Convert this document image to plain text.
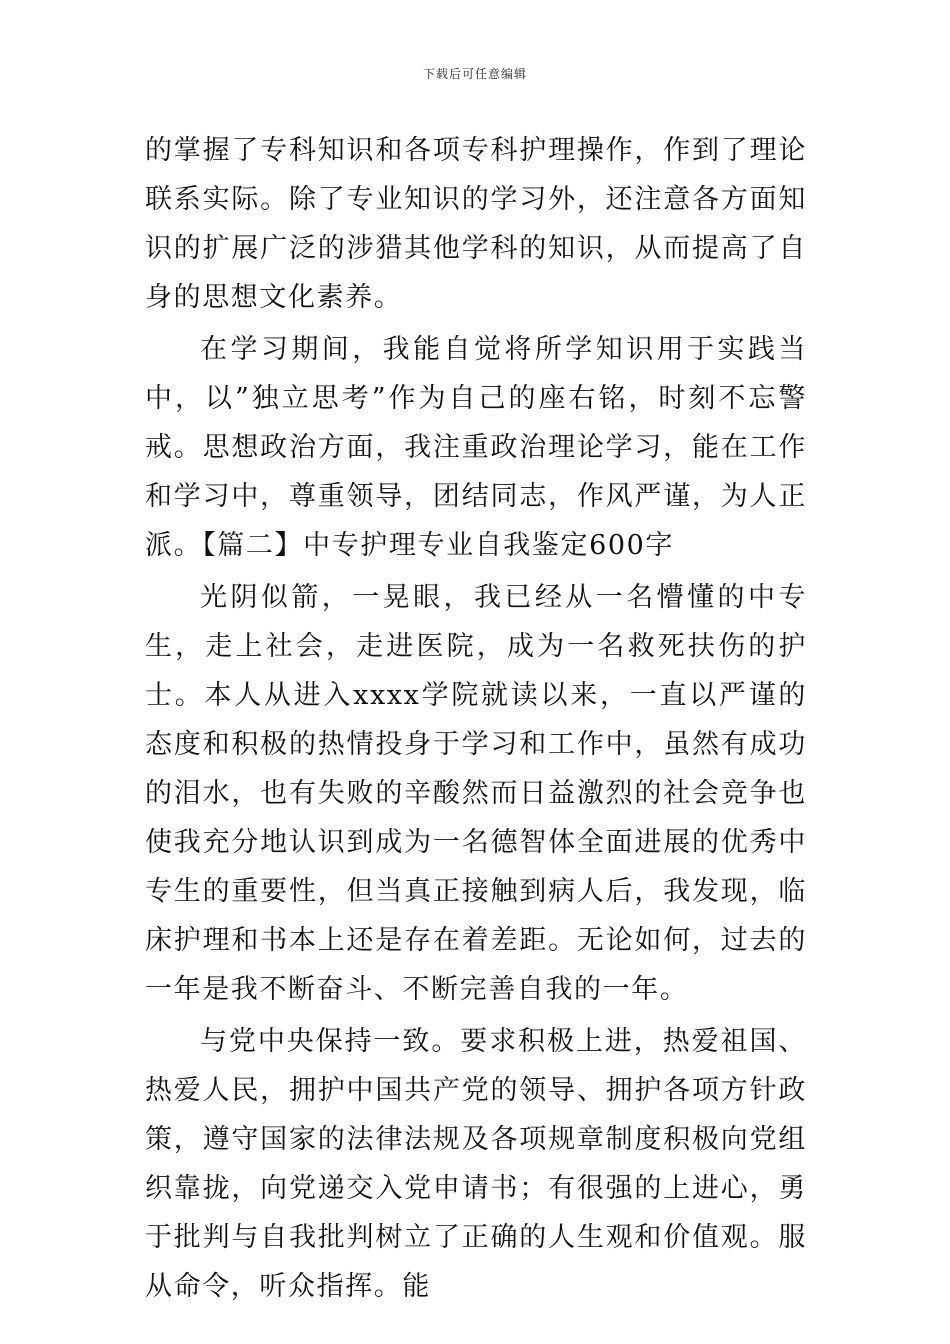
下载后可任意编辑

的掌握了专科知识和各项专科护理操作，作到了理论联系实际。除了专业知识的学习外，还注意各方面知识的扩展广泛的涉猎其他学科的知识，从而提高了自身的思想文化素养。

在学习期间，我能自觉将所学知识用于实践当中，以”独立思考”作为自己的座右铭，时刻不忘警戒。思想政治方面，我注重政治理论学习，能在工作和学习中，尊重领导，团结同志，作风严谨，为人正派。【篇二】中专护理专业自我鉴定600字

光阴似箭，一晃眼，我已经从一名懵懂的中专生，走上社会，走进医院，成为一名救死扶伤的护士。本人从进入xxxx学院就读以来，一直以严谨的态度和积极的热情投身于学习和工作中，虽然有成功的泪水，也有失败的辛酸然而日益激烈的社会竞争也使我充分地认识到成为一名德智体全面进展的优秀中专生的重要性，但当真正接触到病人后，我发现，临床护理和书本上还是存在着差距。无论如何，过去的一年是我不断奋斗、不断完善自我的一年。

与党中央保持一致。要求积极上进，热爱祖国、热爱人民，拥护中国共产党的领导、拥护各项方针政策，遵守国家的法律法规及各项规章制度积极向党组织靠拢，向党递交入党申请书；有很强的上进心，勇于批判与自我批判树立了正确的人生观和价值观。服从命令，听众指挥。能
